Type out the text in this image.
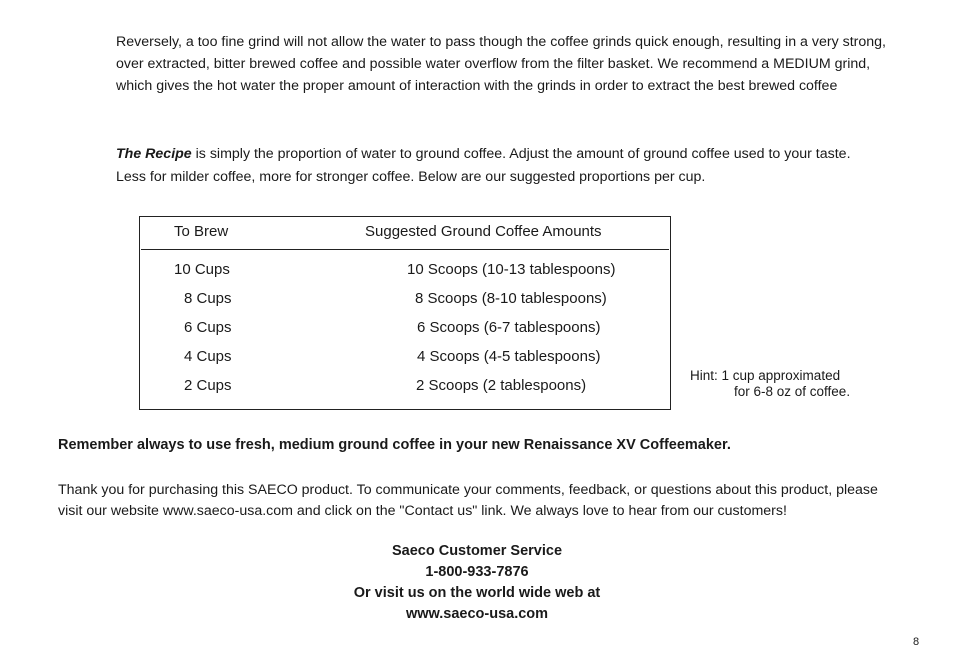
Reversely, a too fine grind will not allow the water to pass though the coffee grinds quick enough, resulting in a very strong, over extracted, bitter brewed coffee and possible water overflow from the filter basket. We recommend a MEDIUM grind, which gives the hot water the proper amount of interaction with the grinds in order to extract the best brewed coffee

The Recipe is simply the proportion of water to ground coffee. Adjust the amount of ground coffee used to your taste. Less for milder coffee, more for stronger coffee. Below are our suggested proportions per cup.

To Brew	Suggested Ground Coffee Amounts
10 Cups	10 Scoops (10-13 tablespoons)
8 Cups	8 Scoops (8-10 tablespoons)
6 Cups	6 Scoops (6-7 tablespoons)
4 Cups	4 Scoops (4-5 tablespoons)
2 Cups	2 Scoops (2 tablespoons)
Hint: 1 cup approximated
for 6-8 oz of coffee.
Remember always to use fresh, medium ground coffee in your new Renaissance XV Coffeemaker.

Thank you for purchasing this SAECO product. To communicate your comments, feedback, or questions about this product, please visit our website www.saeco-usa.com and click on the "Contact us" link. We always love to hear from our customers!

Saeco Customer Service
1-800-933-7876
Or visit us on the world wide web at
www.saeco-usa.com
8
